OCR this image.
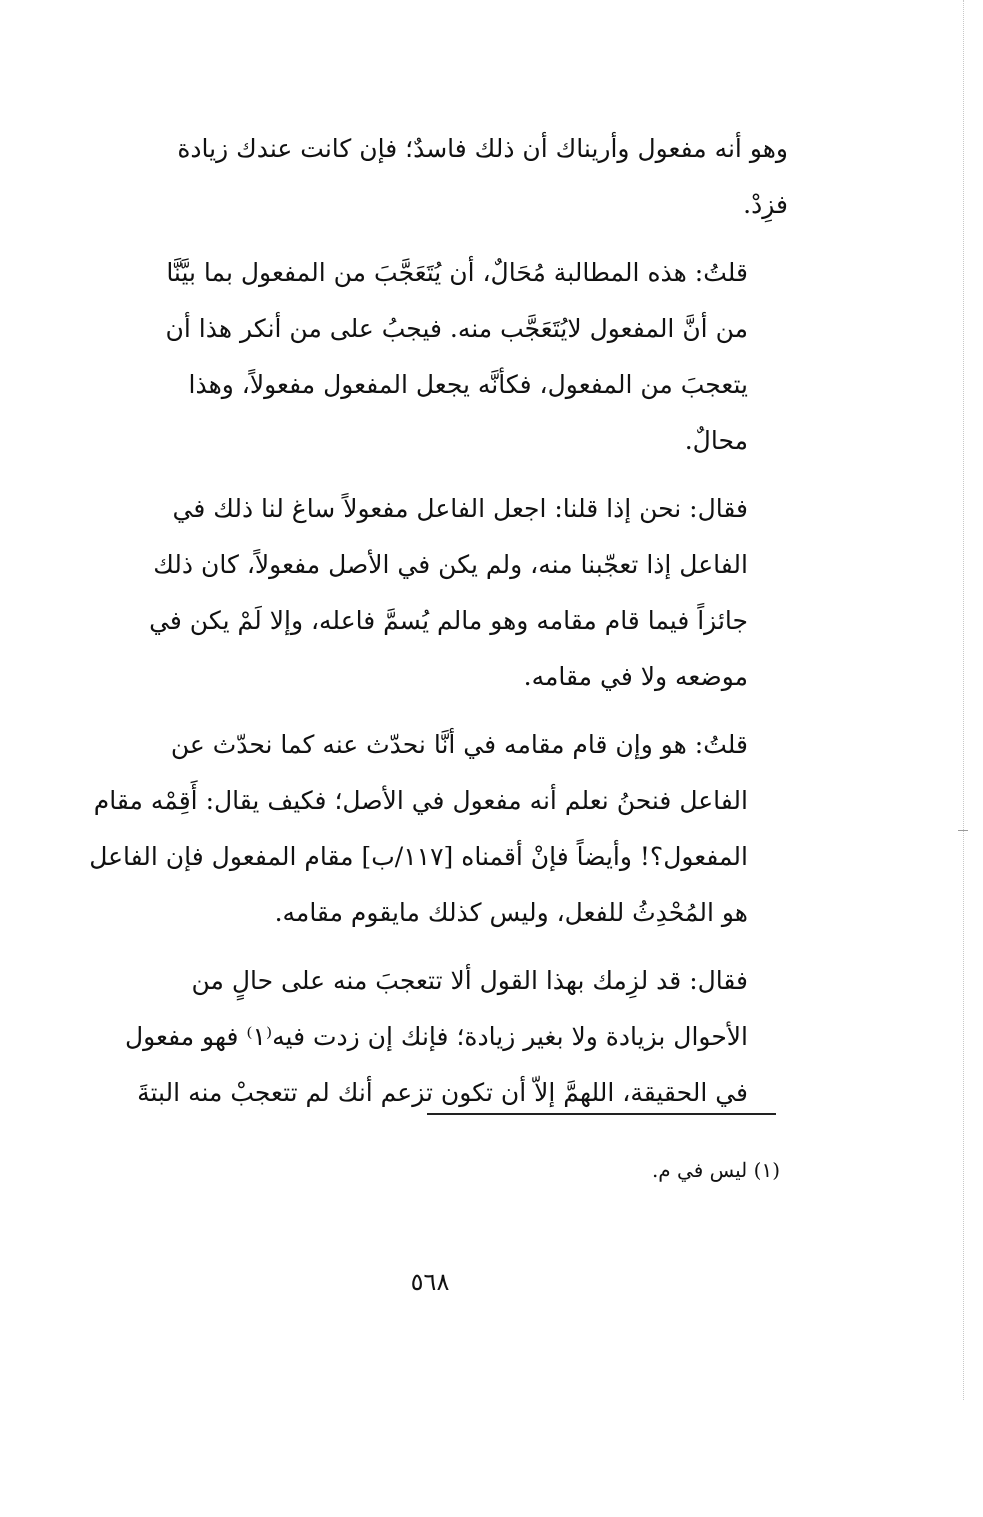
وهو أنه مفعول وأريناك أن ذلك فاسدٌ؛ فإن كانت عندك زيادة
فزِدْ.

قلتُ: هذه المطالبة مُحَالٌ، أن يُتَعَجَّبَ من المفعول بما بيَّنَّا
من أنَّ المفعول لايُتَعَجَّب منه. فيجبُ على من أنكر هذا أن
يتعجبَ من المفعول، فكأنَّه يجعل المفعول مفعولاً، وهذا
محالٌ.

فقال: نحن إذا قلنا: اجعل الفاعل مفعولاً ساغ لنا ذلك في
الفاعل إذا تعجّبنا منه، ولم يكن في الأصل مفعولاً، كان ذلك
جائزاً فيما قام مقامه وهو مالم يُسمَّ فاعله، وإلا لَمْ يكن في
موضعه ولا في مقامه.

قلتُ: هو وإن قام مقامه في أنَّا نحدّث عنه كما نحدّث عن
الفاعل فنحنُ نعلم أنه مفعول في الأصل؛ فكيف يقال: أَقِمْه مقام
المفعول؟! وأيضاً فإنْ أقمناه [١١٧/ب] مقام المفعول فإن الفاعل
هو المُحْدِثُ للفعل، وليس كذلك مايقوم مقامه.

فقال: قد لزِمك بهذا القول ألا تتعجبَ منه على حالٍ من
الأحوال بزيادة ولا بغير زيادة؛ فإنك إن زدت فيه⁽١⁾ فهو مفعول
في الحقيقة، اللهمَّ إلاّ أن تكون تزعم أنك لم تتعجبْ منه البتةَ

(١) ليس في م.
٥٦٨
